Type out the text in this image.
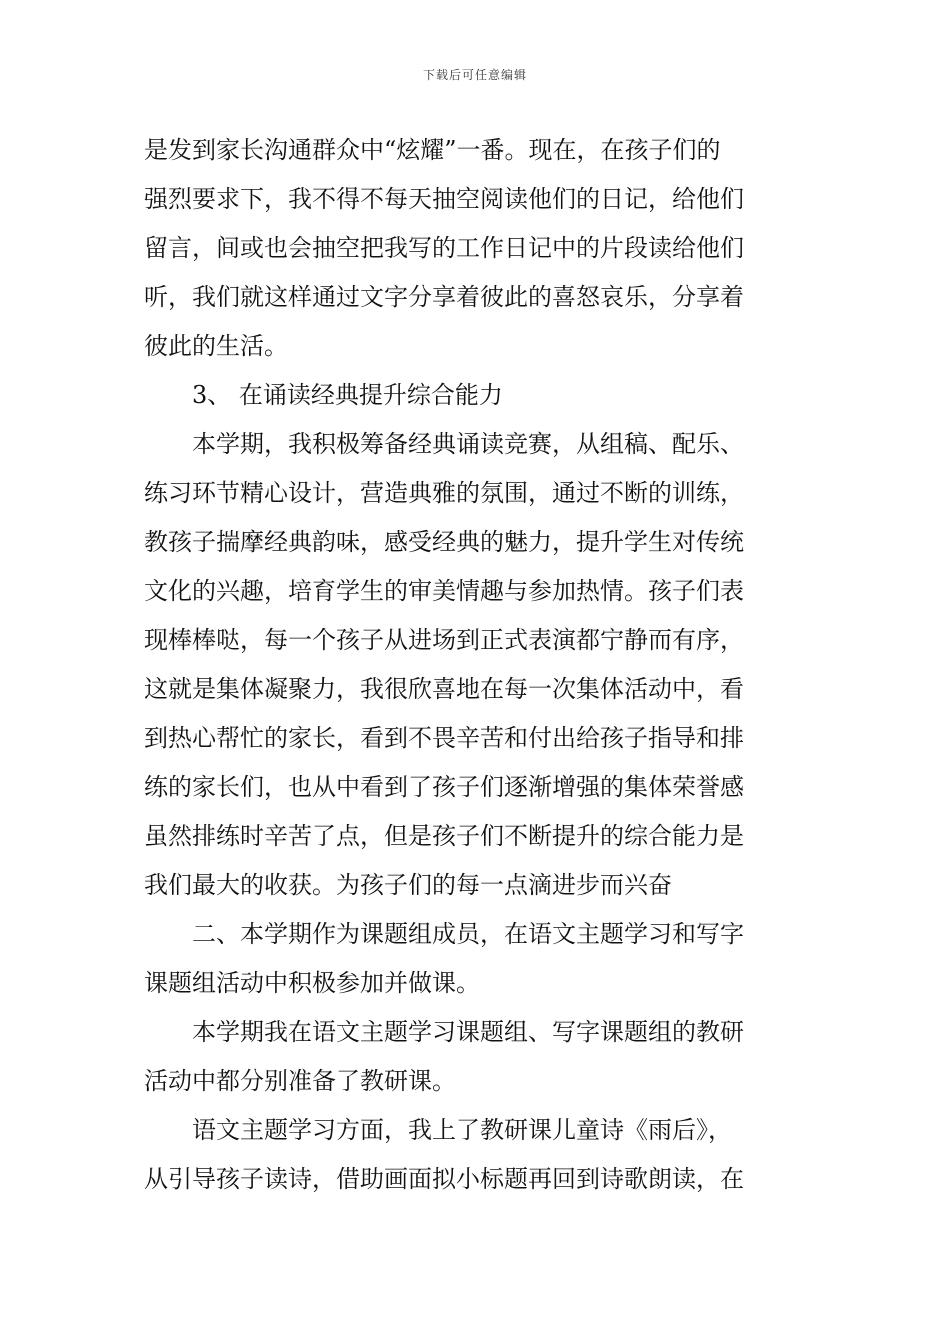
下载后可任意编辑
是发到家长沟通群众中“炫耀”一番。现在，在孩子们的
强烈要求下，我不得不每天抽空阅读他们的日记，给他们
留言，间或也会抽空把我写的工作日记中的片段读给他们
听，我们就这样通过文字分享着彼此的喜怒哀乐，分享着
彼此的生活。
3、 在诵读经典提升综合能力
本学期，我积极筹备经典诵读竞赛，从组稿、配乐、
练习环节精心设计，营造典雅的氛围，通过不断的训练，
教孩子揣摩经典韵味，感受经典的魅力，提升学生对传统
文化的兴趣，培育学生的审美情趣与参加热情。孩子们表
现棒棒哒，每一个孩子从进场到正式表演都宁静而有序，
这就是集体凝聚力，我很欣喜地在每一次集体活动中，看
到热心帮忙的家长，看到不畏辛苦和付出给孩子指导和排
练的家长们，也从中看到了孩子们逐渐增强的集体荣誉感
虽然排练时辛苦了点，但是孩子们不断提升的综合能力是
我们最大的收获。为孩子们的每一点滴进步而兴奋
二、本学期作为课题组成员，在语文主题学习和写字
课题组活动中积极参加并做课。
本学期我在语文主题学习课题组、写字课题组的教研
活动中都分别准备了教研课。
语文主题学习方面，我上了教研课儿童诗《雨后》，
从引导孩子读诗，借助画面拟小标题再回到诗歌朗读，在
